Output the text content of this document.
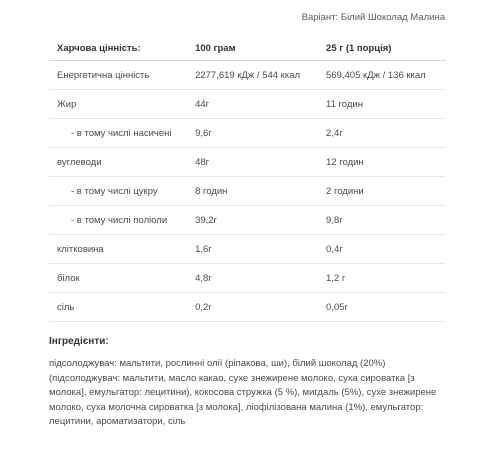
Варіант: Білий Шоколад Малина
Харчова цінність:	100 грам	25 г (1 порція)
Енергетична цінність	2277,619 кДж / 544 ккал	569,405 кДж / 136 ккал
Жир	44г	11 годин
- в тому числі насичені	9,6г	2,4г
вуглеводи	48г	12 годин
- в тому числі цукру	8 годин	2 години
- в тому числі поліоли	39,2г	9,8г
клітковина	1,6г	0,4г
білок	4,8г	1,2 г
сіль	0,2г	0,05г
Інгредієнти:
підсолоджувач: мальтити, рослинні олії (ріпакова, ши), білий шоколад (20%) (підсолоджувач: мальтити, масло какао, сухе знежирене молоко, суха сироватка [з молока], емульгатор: лецитини), кокосова стружка (5 %), мигдаль (5%), сухе знежирене молоко, суха молочна сироватка [з молока], ліофілізована малина (1%), емульгатор: лецитини, ароматизатори, сіль
